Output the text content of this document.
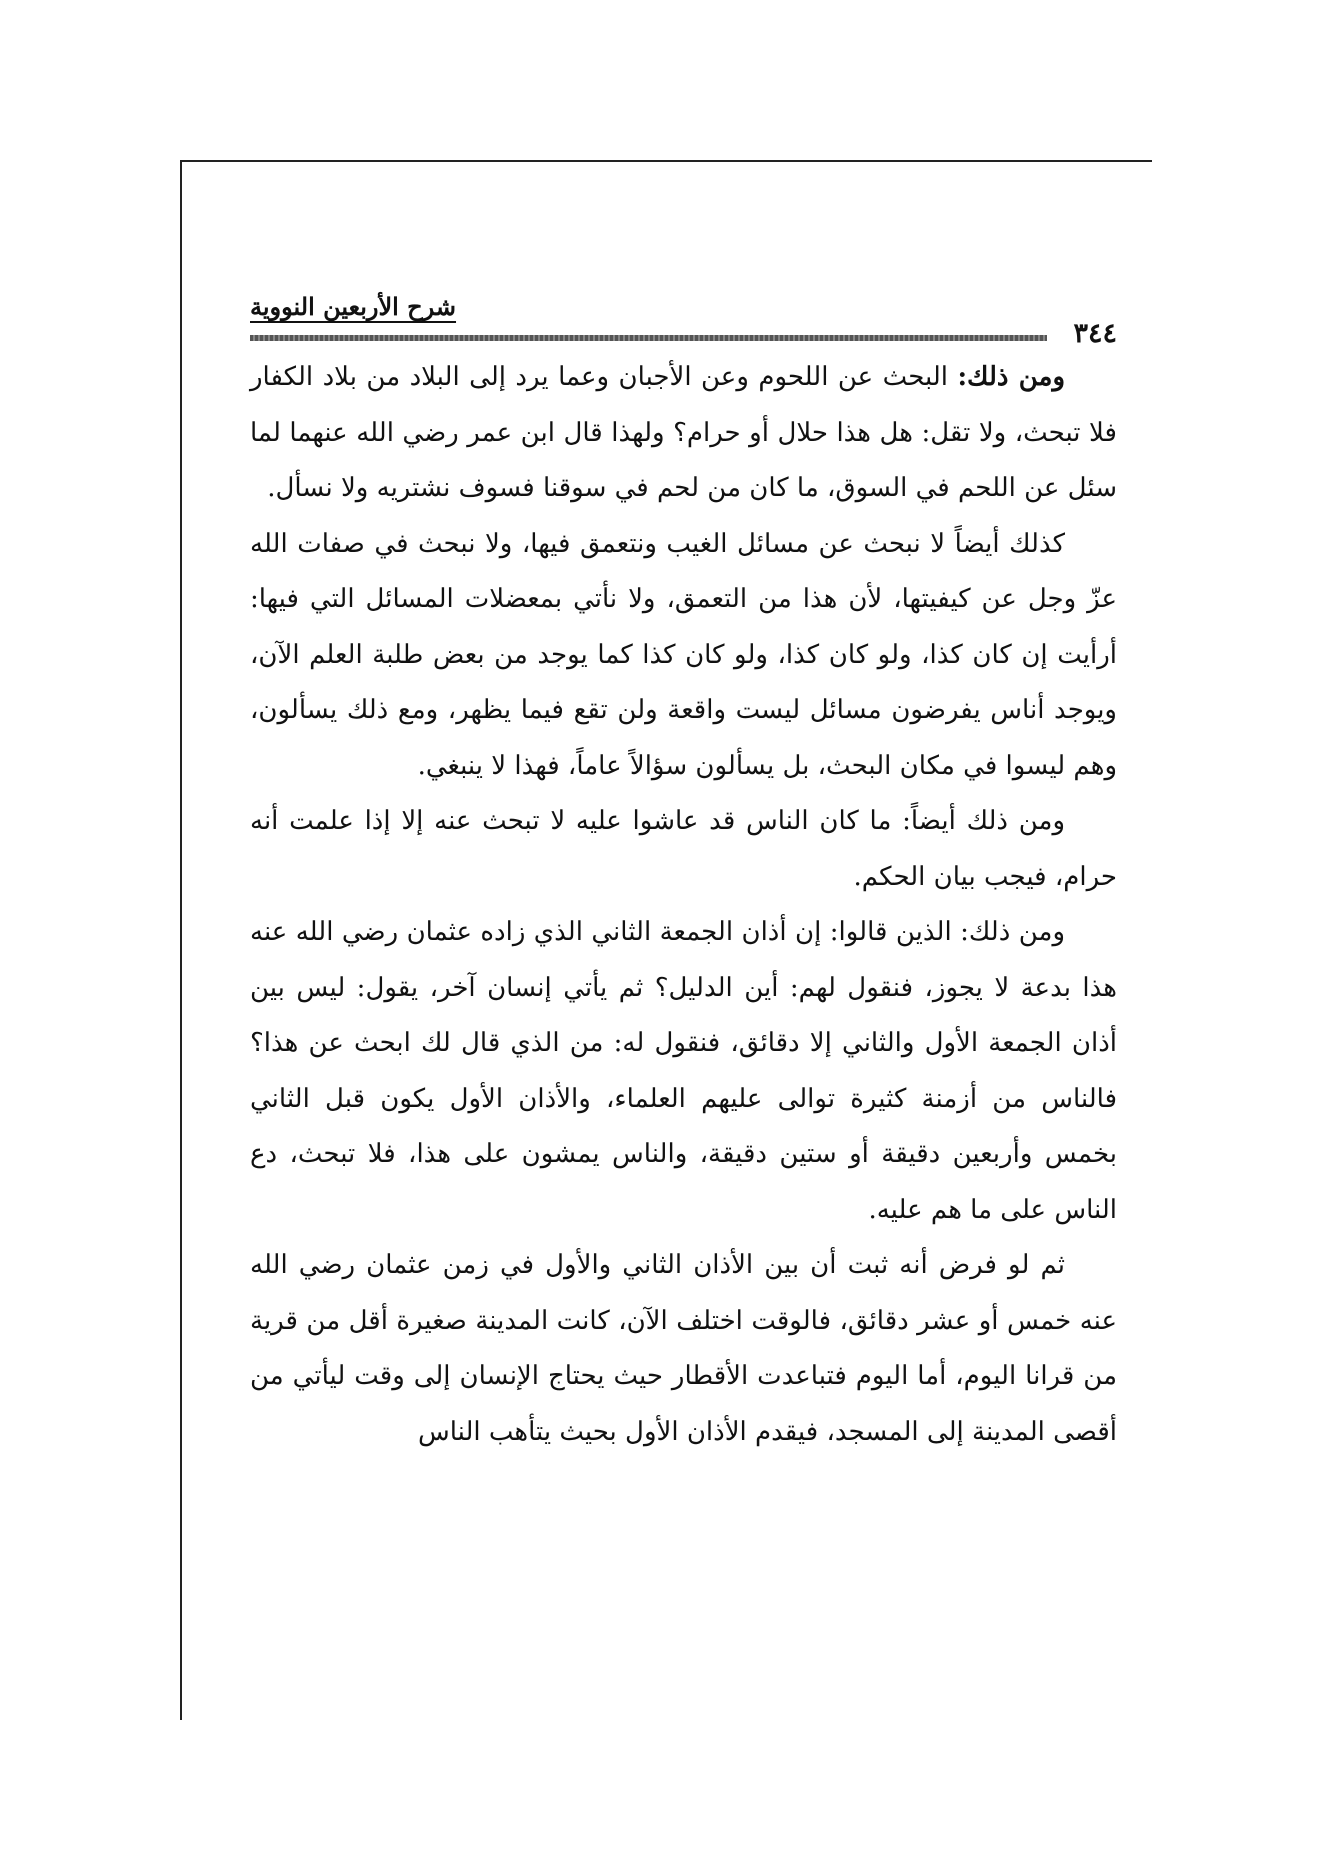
٣٤٤
شرح الأربعين النووية

ومن ذلك: البحث عن اللحوم وعن الأجبان وعما يرد إلى البلاد من بلاد الكفار فلا تبحث، ولا تقل: هل هذا حلال أو حرام؟ ولهذا قال ابن عمر رضي الله عنهما لما سئل عن اللحم في السوق، ما كان من لحم في سوقنا فسوف نشتريه ولا نسأل.

كذلك أيضاً لا نبحث عن مسائل الغيب ونتعمق فيها، ولا نبحث في صفات الله عزّ وجل عن كيفيتها، لأن هذا من التعمق، ولا نأتي بمعضلات المسائل التي فيها: أرأيت إن كان كذا، ولو كان كذا، ولو كان كذا كما يوجد من بعض طلبة العلم الآن، ويوجد أناس يفرضون مسائل ليست واقعة ولن تقع فيما يظهر، ومع ذلك يسألون، وهم ليسوا في مكان البحث، بل يسألون سؤالاً عاماً، فهذا لا ينبغي.

ومن ذلك أيضاً: ما كان الناس قد عاشوا عليه لا تبحث عنه إلا إذا علمت أنه حرام، فيجب بيان الحكم.

ومن ذلك: الذين قالوا: إن أذان الجمعة الثاني الذي زاده عثمان رضي الله عنه هذا بدعة لا يجوز، فنقول لهم: أين الدليل؟ ثم يأتي إنسان آخر، يقول: ليس بين أذان الجمعة الأول والثاني إلا دقائق، فنقول له: من الذي قال لك ابحث عن هذا؟ فالناس من أزمنة كثيرة توالى عليهم العلماء، والأذان الأول يكون قبل الثاني بخمس وأربعين دقيقة أو ستين دقيقة، والناس يمشون على هذا، فلا تبحث، دع الناس على ما هم عليه.

ثم لو فرض أنه ثبت أن بين الأذان الثاني والأول في زمن عثمان رضي الله عنه خمس أو عشر دقائق، فالوقت اختلف الآن، كانت المدينة صغيرة أقل من قرية من قرانا اليوم، أما اليوم فتباعدت الأقطار حيث يحتاج الإنسان إلى وقت ليأتي من أقصى المدينة إلى المسجد، فيقدم الأذان الأول بحيث يتأهب الناس
